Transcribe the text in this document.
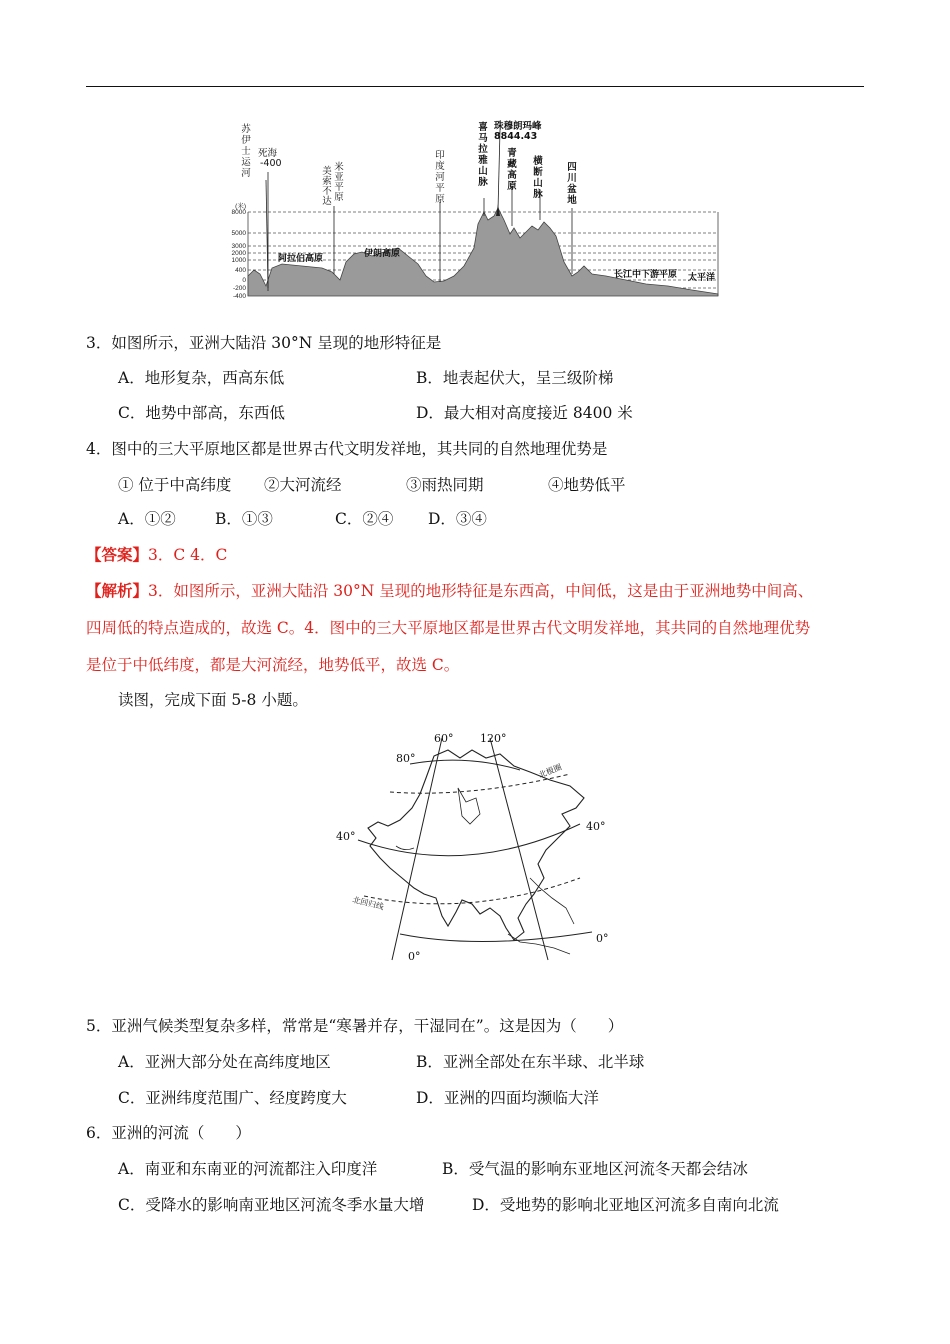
(米)
8000
5000
3000
2000
1000
400
0
-200
-400
苏
伊
士
运
河	美
索
不
达
米
亚
平
原
印
度
河
平
原
喜
马
拉
雅
山
脉
青
藏
高
原
横
断
山
脉
四
川
盆
地
死海
-400
珠穆朗玛峰
8844.43
阿拉伯高原	伊朗高原
长江中下游平原 太平洋
3．如图所示，亚洲大陆沿 30°N 呈现的地形特征是
A．地形复杂，西高东低	B．地表起伏大，呈三级阶梯
C．地势中部高，东西低	D．最大相对高度接近 8400 米
4．图中的三大平原地区都是世界古代文明发祥地，其共同的自然地理优势是
① 位于中高纬度 ②大河流经	③雨热同期	④地势低平
A．①②	B．①③	C．②④ D．③④
【答案】3．C 4．C
【解析】3．如图所示，亚洲大陆沿 30°N 呈现的地形特征是东西高，中间低，这是由于亚洲地势中间高、
四周低的特点造成的，故选 C。4．图中的三大平原地区都是世界古代文明发祥地，其共同的自然地理优势
是位于中低纬度，都是大河流经，地势低平，故选 C。
读图，完成下面 5-8 小题。
60° 120°
80°
40°
40°
0°
0°
北极圈
北回归线
5．亚洲气候类型复杂多样，常常是“寒暑并存，干湿同在”。这是因为（　　）
A．亚洲大部分处在高纬度地区	B．亚洲全部处在东半球、北半球
C．亚洲纬度范围广、经度跨度大	D．亚洲的四面均濒临大洋
6．亚洲的河流（　　）
A．南亚和东南亚的河流都注入印度洋	B．受气温的影响东亚地区河流冬天都会结冰
C．受降水的影响南亚地区河流冬季水量大增	D．受地势的影响北亚地区河流多自南向北流
